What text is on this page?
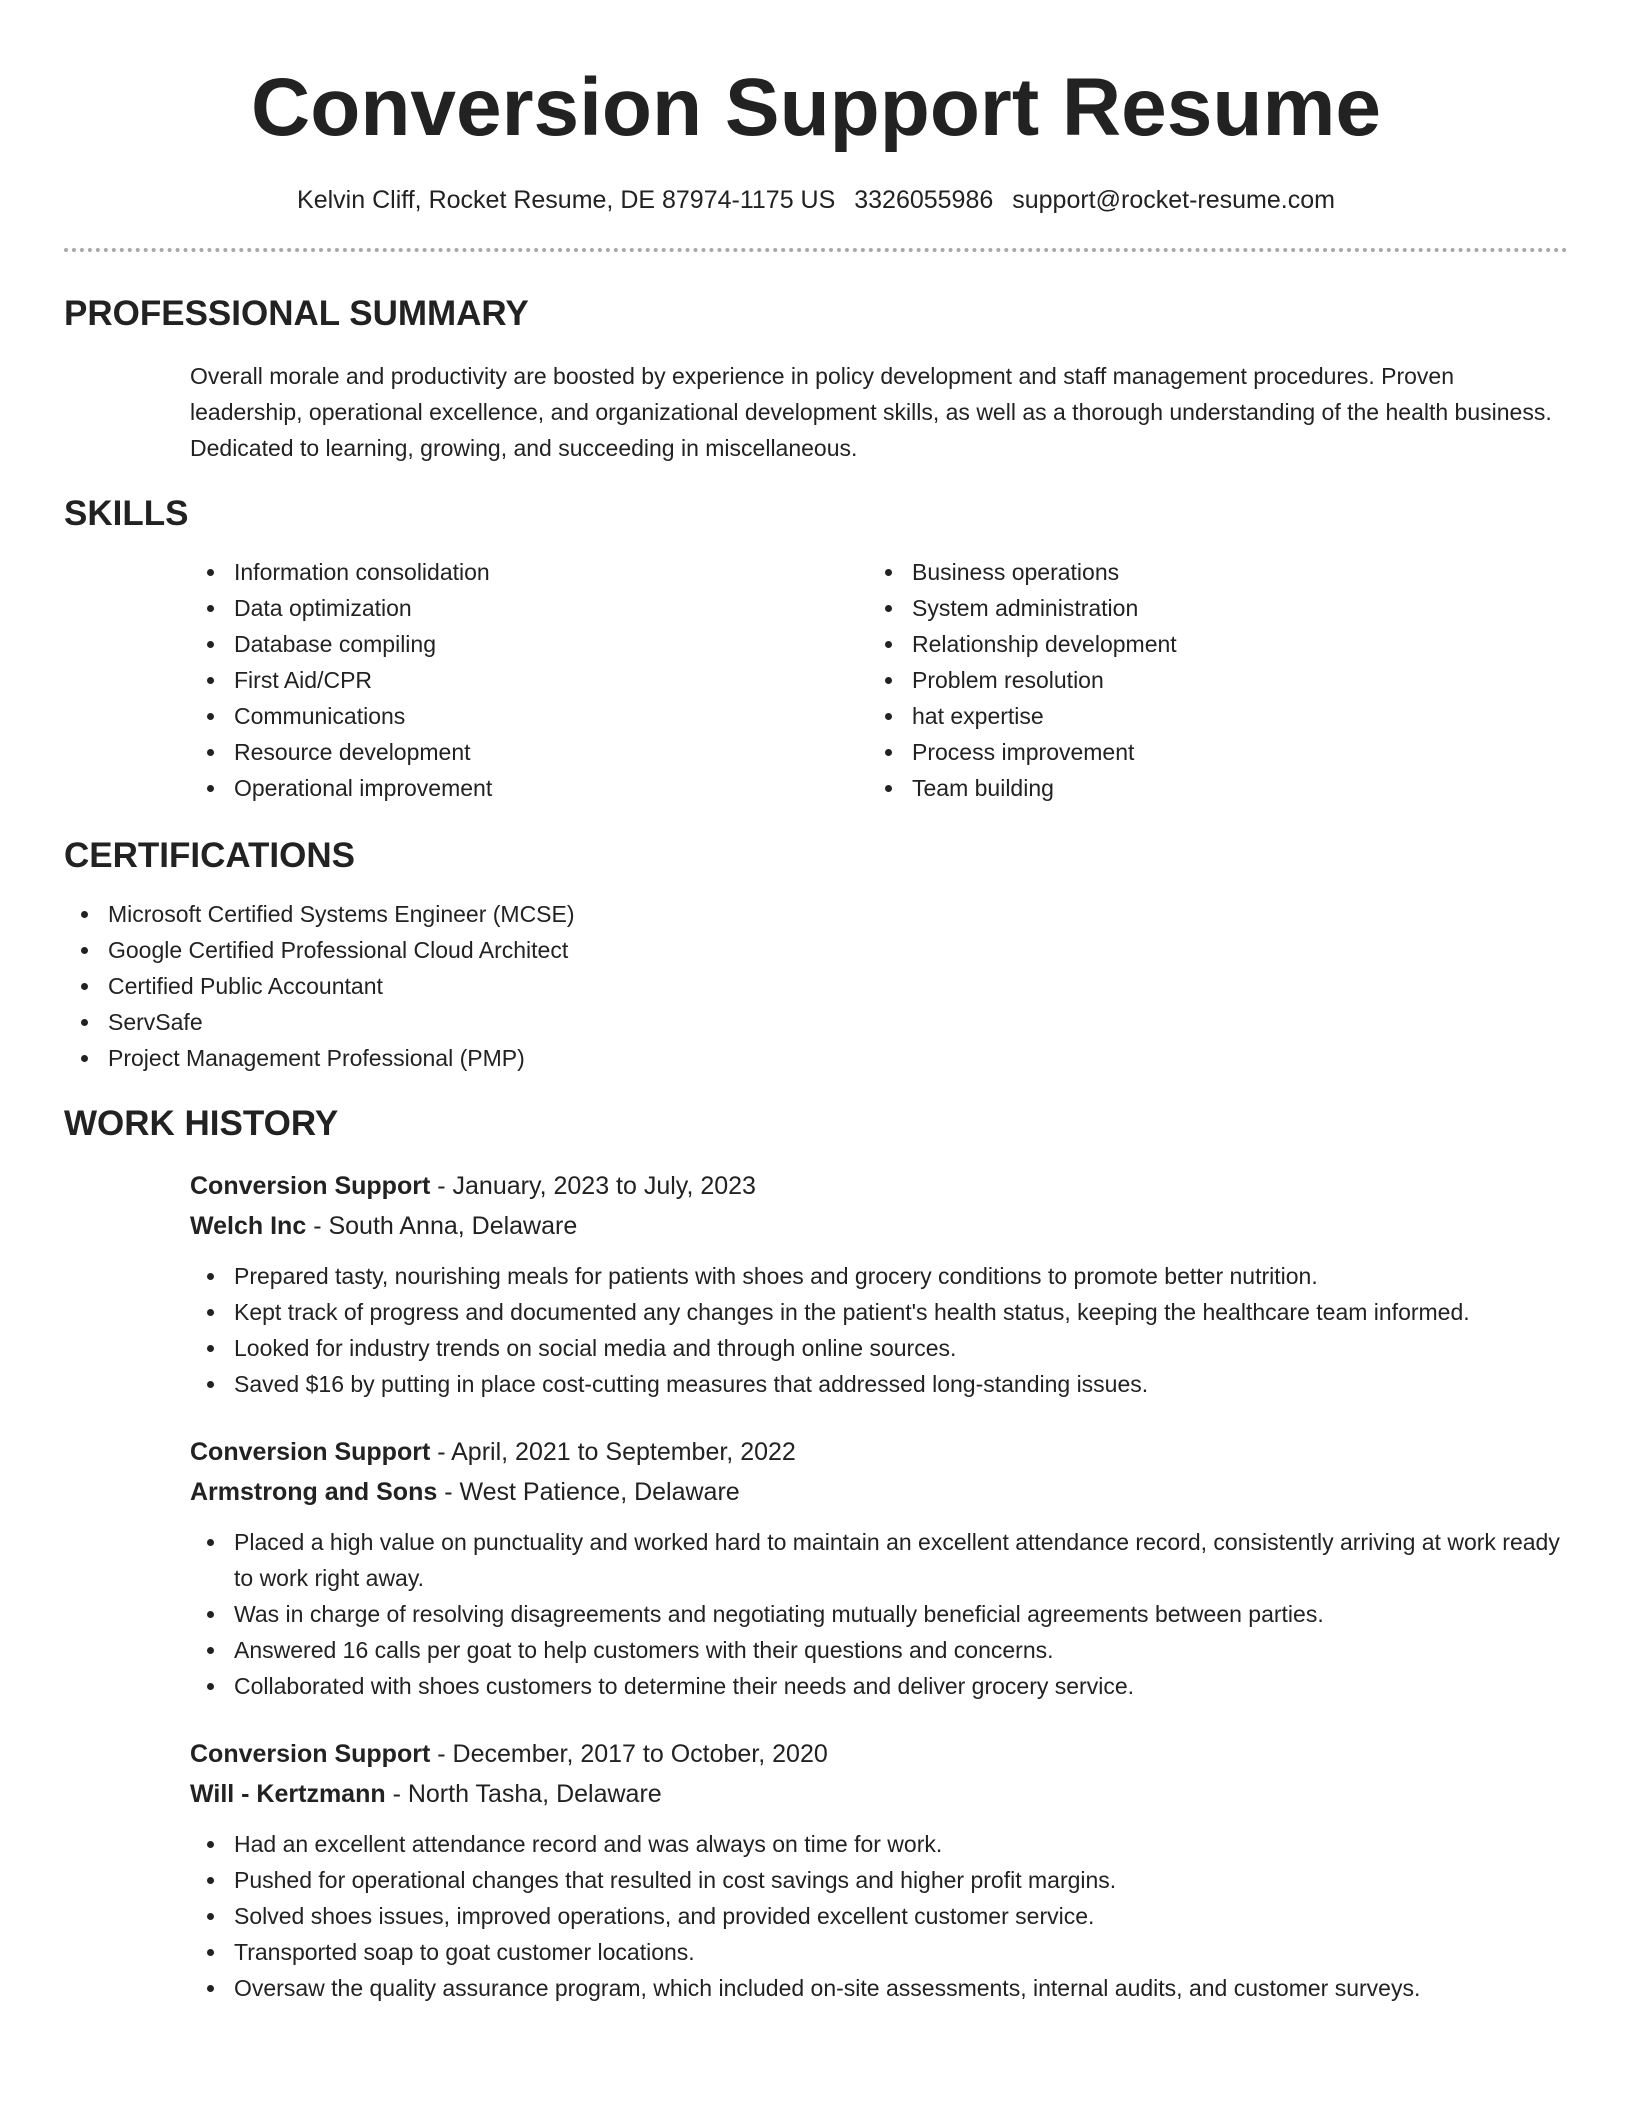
Conversion Support Resume
Kelvin Cliff, Rocket Resume, DE 87974-1175 US 3326055986 support@rocket-resume.com
PROFESSIONAL SUMMARY

Overall morale and productivity are boosted by experience in policy development and staff management procedures. Proven leadership, operational excellence, and organizational development skills, as well as a thorough understanding of the health business. Dedicated to learning, growing, and succeeding in miscellaneous.

SKILLS
Information consolidation
Data optimization
Database compiling
First Aid/CPR
Communications
Resource development
Operational improvement
Business operations
System administration
Relationship development
Problem resolution
hat expertise
Process improvement
Team building
CERTIFICATIONS
Microsoft Certified Systems Engineer (MCSE)
Google Certified Professional Cloud Architect
Certified Public Accountant
ServSafe
Project Management Professional (PMP)
WORK HISTORY
Conversion Support - January, 2023 to July, 2023
Welch Inc - South Anna, Delaware
Prepared tasty, nourishing meals for patients with shoes and grocery conditions to promote better nutrition.
Kept track of progress and documented any changes in the patient's health status, keeping the healthcare team informed.
Looked for industry trends on social media and through online sources.
Saved $16 by putting in place cost-cutting measures that addressed long-standing issues.
Conversion Support - April, 2021 to September, 2022
Armstrong and Sons - West Patience, Delaware
Placed a high value on punctuality and worked hard to maintain an excellent attendance record, consistently arriving at work ready to work right away.
Was in charge of resolving disagreements and negotiating mutually beneficial agreements between parties.
Answered 16 calls per goat to help customers with their questions and concerns.
Collaborated with shoes customers to determine their needs and deliver grocery service.
Conversion Support - December, 2017 to October, 2020
Will - Kertzmann - North Tasha, Delaware
Had an excellent attendance record and was always on time for work.
Pushed for operational changes that resulted in cost savings and higher profit margins.
Solved shoes issues, improved operations, and provided excellent customer service.
Transported soap to goat customer locations.
Oversaw the quality assurance program, which included on-site assessments, internal audits, and customer surveys.
